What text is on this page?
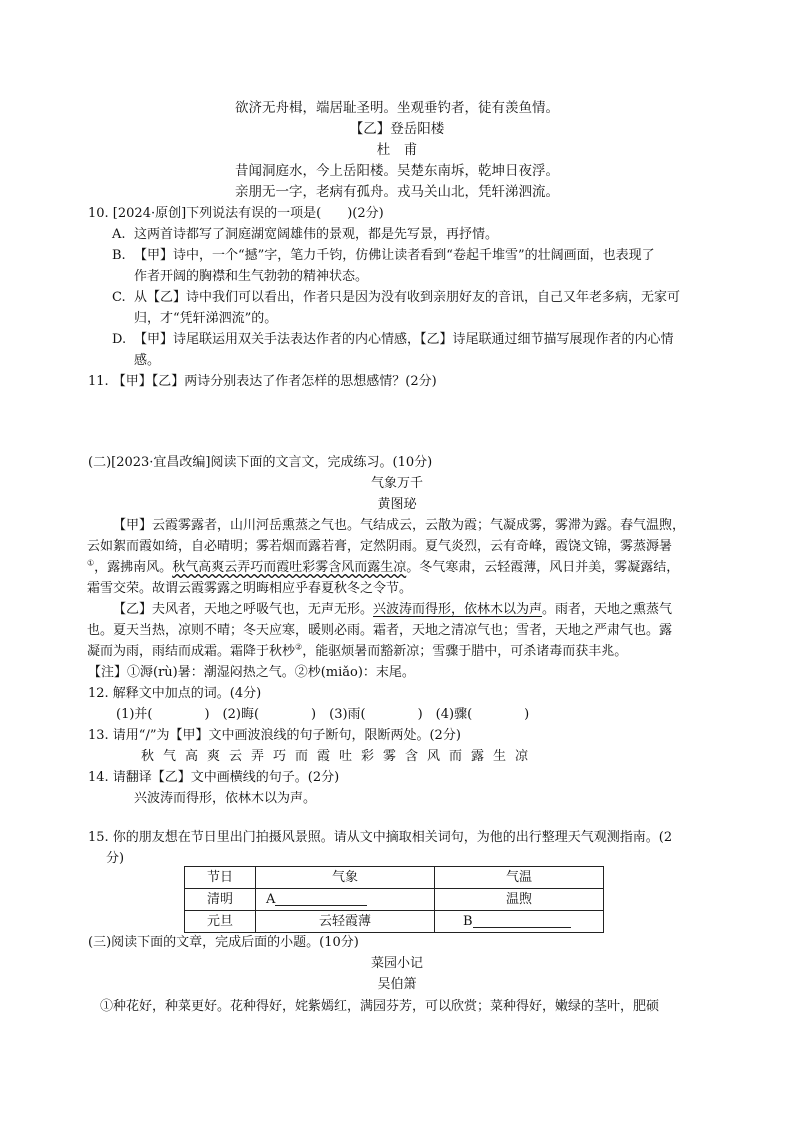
欲济无舟楫，端居耻圣明。坐观垂钓者，徒有羡鱼情。
【乙】登岳阳楼
杜　甫
昔闻洞庭水，今上岳阳楼。吴楚东南坼，乾坤日夜浮。
亲朋无一字，老病有孤舟。戎马关山北，凭轩涕泗流。
10. [2024·原创]下列说法有误的一项是(　　)(2分)
A. 这两首诗都写了洞庭湖宽阔雄伟的景观，都是先写景，再抒情。
B. 【甲】诗中，一个“撼”字，笔力千钧，仿佛让读者看到“卷起千堆雪”的壮阔画面，也表现了
作者开阔的胸襟和生气勃勃的精神状态。
C. 从【乙】诗中我们可以看出，作者只是因为没有收到亲朋好友的音讯，自己又年老多病，无家可
归，才“凭轩涕泗流”的。
D. 【甲】诗尾联运用双关手法表达作者的内心情感，【乙】诗尾联通过细节描写展现作者的内心情
感。
11. 【甲】【乙】两诗分别表达了作者怎样的思想感情？(2分)
(二)[2023·宜昌改编]阅读下面的文言文，完成练习。(10分)
气象万千
黄图珌
【甲】云霞雾露者，山川河岳熏蒸之气也。气结成云，云散为霞；气凝成雾，雾滞为露。春气温煦，
云如絮而霞如绮，自必晴明；雾若烟而露若膏，定然阴雨。夏气炎烈，云有奇峰，霞饶文锦，雾蒸溽暑
①，露拂南风。秋气高爽云弄巧而霞吐彩雾含风而露生凉。冬气寒肃，云轻霞薄，风日并美，雾凝露结，
霜雪交荣。故谓云霞雾露之明晦相应乎春夏秋冬之令节。
【乙】夫风者，天地之呼吸气也，无声无形。兴波涛而得形，依林木以为声。雨者，天地之熏蒸气
也。夏天当热，凉则不晴；冬天应寒，暖则必雨。霜者，天地之清凉气也；雪者，天地之严肃气也。露
凝而为雨，雨结而成霜。霜降于秋杪②，能驱烦暑而豁新凉；雪骤于腊中，可杀诸毒而获丰兆。
【注】①溽(rù)暑：潮湿闷热之气。②杪(miǎo)：末尾。
12. 解释文中加点的词。(4分)
(1)并(　　　　)　(2)晦(　　　　)　(3)雨(　　　　)　(4)骤(　　　　)
13. 请用“/”为【甲】文中画波浪线的句子断句，限断两处。(2分)
秋气高爽云弄巧而霞吐彩雾含风而露生凉
14. 请翻译【乙】文中画横线的句子。(2分)
兴波涛而得形，依林木以为声。
15. 你的朋友想在节日里出门拍摄风景照。请从文中摘取相关词句，为他的出行整理天气观测指南。(2
分)
节日	气象	气温
清明	A	温煦
元旦	云轻霞薄	B
(三)阅读下面的文章，完成后面的小题。(10分)
菜园小记
吴伯箫
①种花好，种菜更好。花种得好，姹紫嫣红，满园芬芳，可以欣赏；菜种得好，嫩绿的茎叶，肥硕
